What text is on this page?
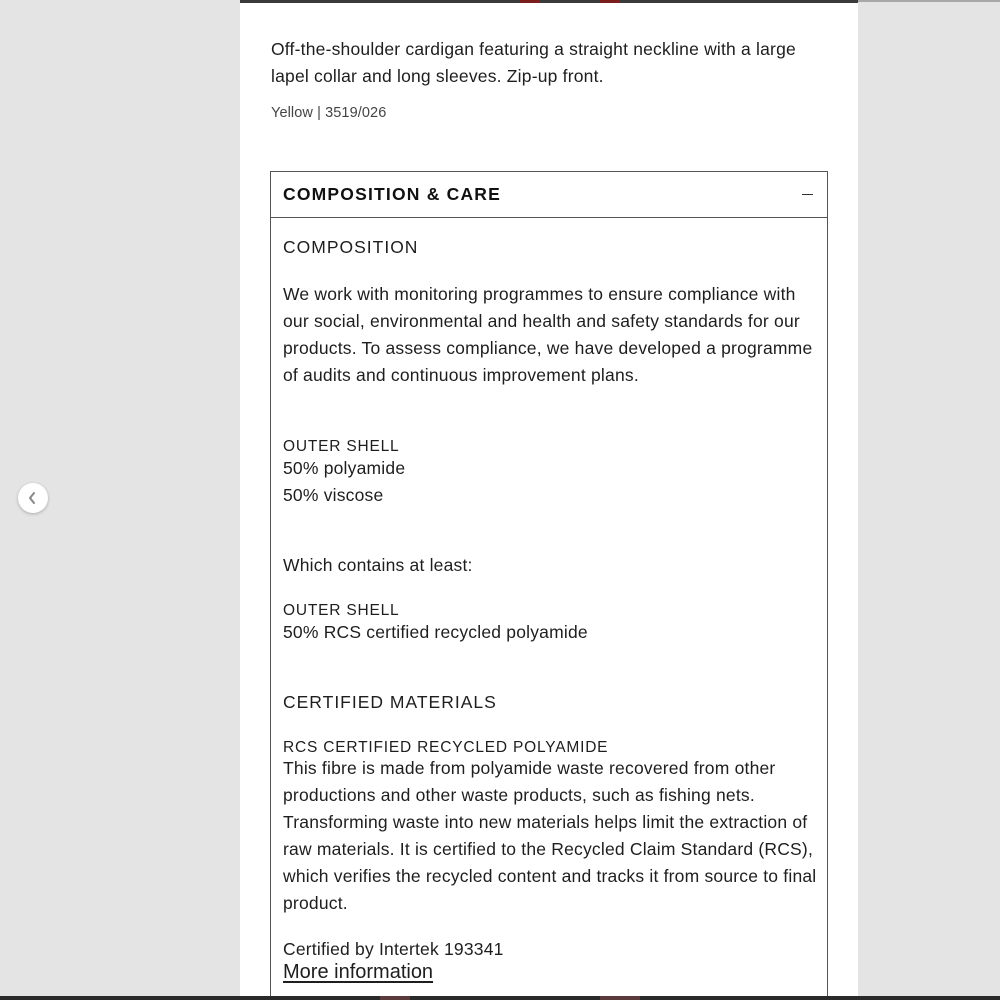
Off-the-shoulder cardigan featuring a straight neckline with a large lapel collar and long sleeves. Zip-up front.
Yellow | 3519/026
COMPOSITION & CARE
COMPOSITION
We work with monitoring programmes to ensure compliance with our social, environmental and health and safety standards for our products. To assess compliance, we have developed a programme of audits and continuous improvement plans.
OUTER SHELL
50% polyamide
50% viscose
Which contains at least:
OUTER SHELL
50% RCS certified recycled polyamide
CERTIFIED MATERIALS
RCS CERTIFIED RECYCLED POLYAMIDE
This fibre is made from polyamide waste recovered from other productions and other waste products, such as fishing nets. Transforming waste into new materials helps limit the extraction of raw materials. It is certified to the Recycled Claim Standard (RCS), which verifies the recycled content and tracks it from source to final product.
Certified by Intertek 193341
More information
